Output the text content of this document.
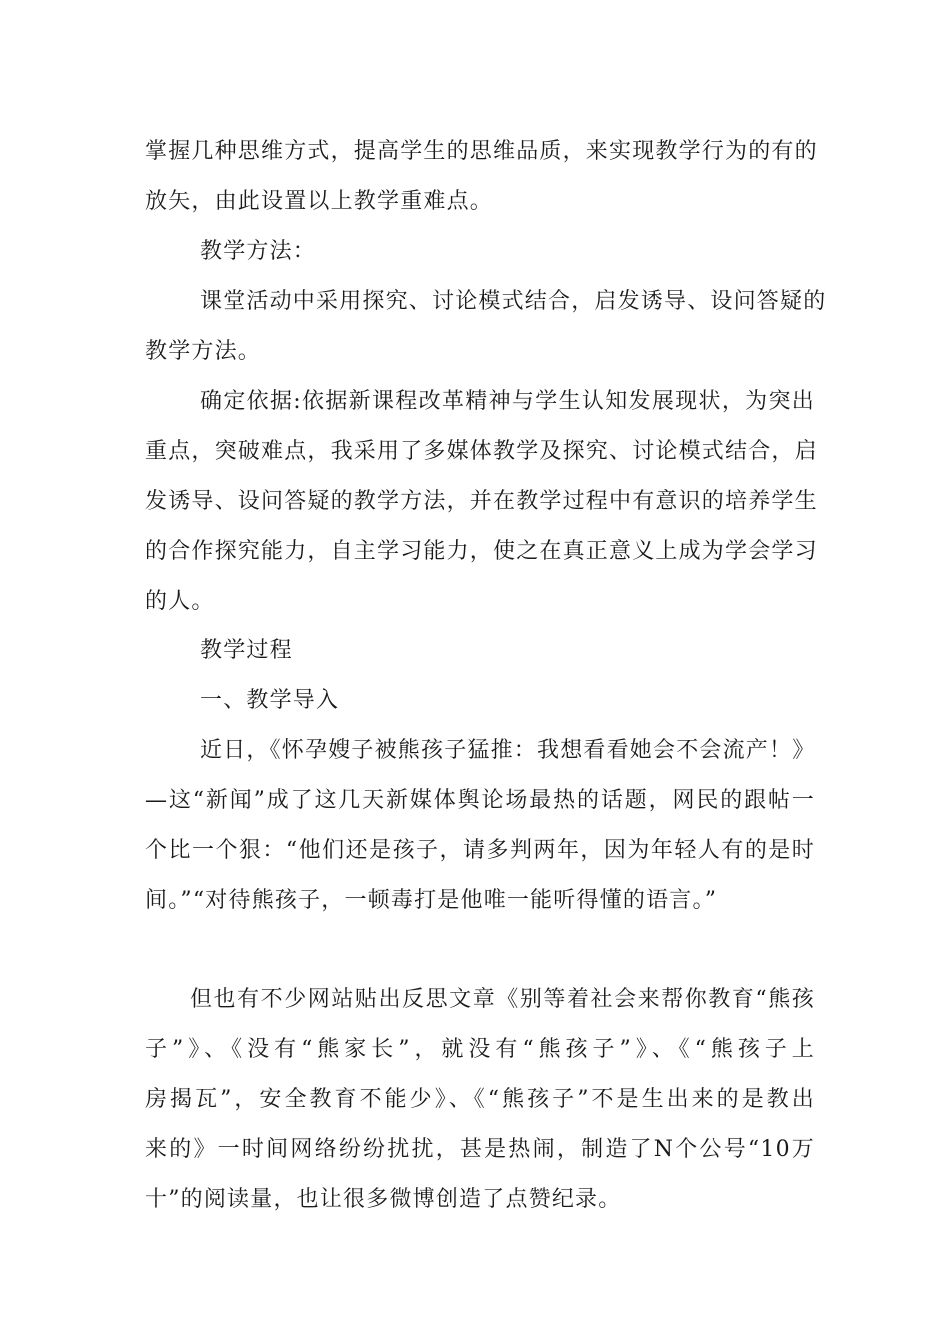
掌握几种思维方式，提高学生的思维品质，来实现教学行为的有的
放矢，由此设置以上教学重难点。
教学方法：
课堂活动中采用探究、讨论模式结合，启发诱导、设问答疑的
教学方法。
确定依据:依据新课程改革精神与学生认知发展现状，为突出
重点，突破难点，我采用了多媒体教学及探究、讨论模式结合，启
发诱导、设问答疑的教学方法，并在教学过程中有意识的培养学生
的合作探究能力，自主学习能力，使之在真正意义上成为学会学习
的人。
教学过程
一、教学导入
近日，《怀孕嫂子被熊孩子猛推：我想看看她会不会流产！》
—这“新闻”成了这几天新媒体舆论场最热的话题，网民的跟帖一
个比一个狠：“他们还是孩子，请多判两年，因为年轻人有的是时
间。”“对待熊孩子，一顿毒打是他唯一能听得懂的语言。”
但也有不少网站贴出反思文章《别等着社会来帮你教育“熊孩
子”》、《没有“熊家长”，就没有“熊孩子”》、《“熊孩子上
房揭瓦”，安全教育不能少》、《“熊孩子”不是生出来的是教出
来的》一时间网络纷纷扰扰，甚是热闹，制造了N个公号“10万
十”的阅读量，也让很多微博创造了点赞纪录。
